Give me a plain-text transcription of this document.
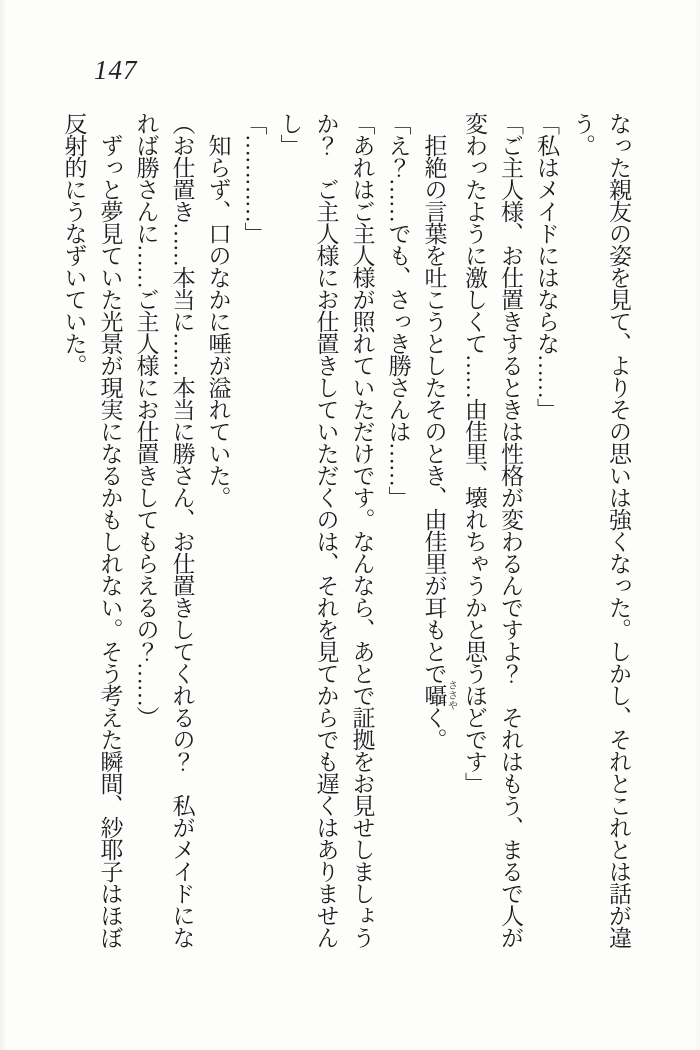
147
なった親友の姿を見て、よりその思いは強くなった。しかし、それとこれとは話が違
う。
「私はメイドにはならな……」
「ご主人様、お仕置きするときは性格が変わるんですよ？　それはもう、まるで人が
変わったように激しくて……由佳里、壊れちゃうかと思うほどです」
　拒絶の言葉を吐こうとしたそのとき、由佳里が耳もとで囁 ささやく。
「え？……でも、さっき勝さんは……」
「あれはご主人様が照れていただけです。なんなら、あとで証拠をお見せしましょう
か？　ご主人様にお仕置きしていただくのは、それを見てからでも遅くはありません
し」
「…………」
　知らず、口のなかに唾が溢れていた。
（お仕置き……本当に……本当に勝さん、お仕置きしてくれるの？　私がメイドにな
れば勝さんに……ご主人様にお仕置きしてもらえるの？……）
　ずっと夢見ていた光景が現実になるかもしれない。そう考えた瞬間、紗耶子はほぼ
反射的にうなずいていた。
